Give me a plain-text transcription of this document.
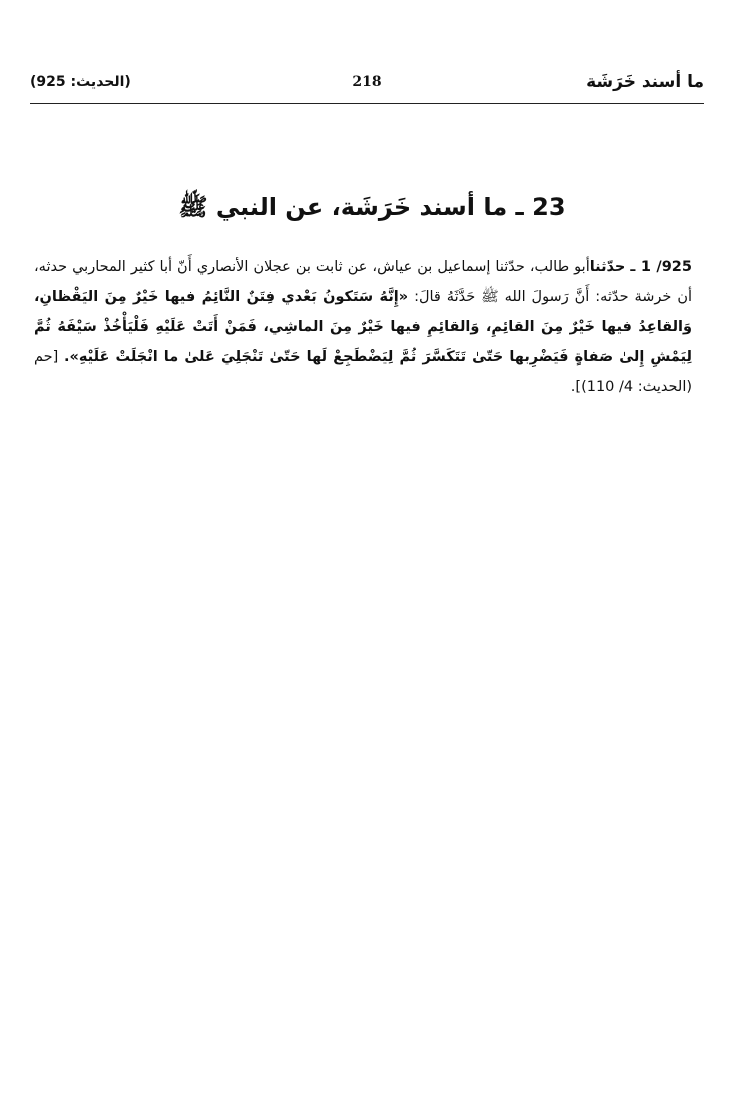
ما أسند خَرَشَة
218
(الحديث: 925)
23 ـ ما أسند خَرَشَة، عن النبي ﷺ
925/ 1 ـ حدّثناأبو طالب، حدّثنا إسماعيل بن عياش، عن ثابت بن عجلان الأنصاري أَنّ أبا كثير المحاربي حدثه، أن خرشة حدّثه: أَنَّ رَسولَ الله ﷺ حَدَّثَهُ قالَ: «إِنَّهُ سَتَكونُ بَعْدي فِتَنٌ النَّائِمُ فيها خَيْرٌ مِنَ اليَقْظانِ، وَالقاعِدُ فيها خَيْرٌ مِنَ القائِمِ، وَالقائِمِ فيها خَيْرٌ مِنَ الماشِي، فَمَنْ أَتَتْ عَلَيْهِ فَلْيَأْخُذْ سَيْفَهُ ثُمَّ لِيَمْشِ إِلىٰ صَفاةٍ فَيَضْرِبها حَتّىٰ تَتَكَسَّرَ ثُمَّ لِيَضْطَجِعْ لَها حَتّىٰ تَنْجَلِيَ عَلىٰ ما انْجَلَتْ عَلَيْهِ». [حم (الحديث: 4/ 110)].
